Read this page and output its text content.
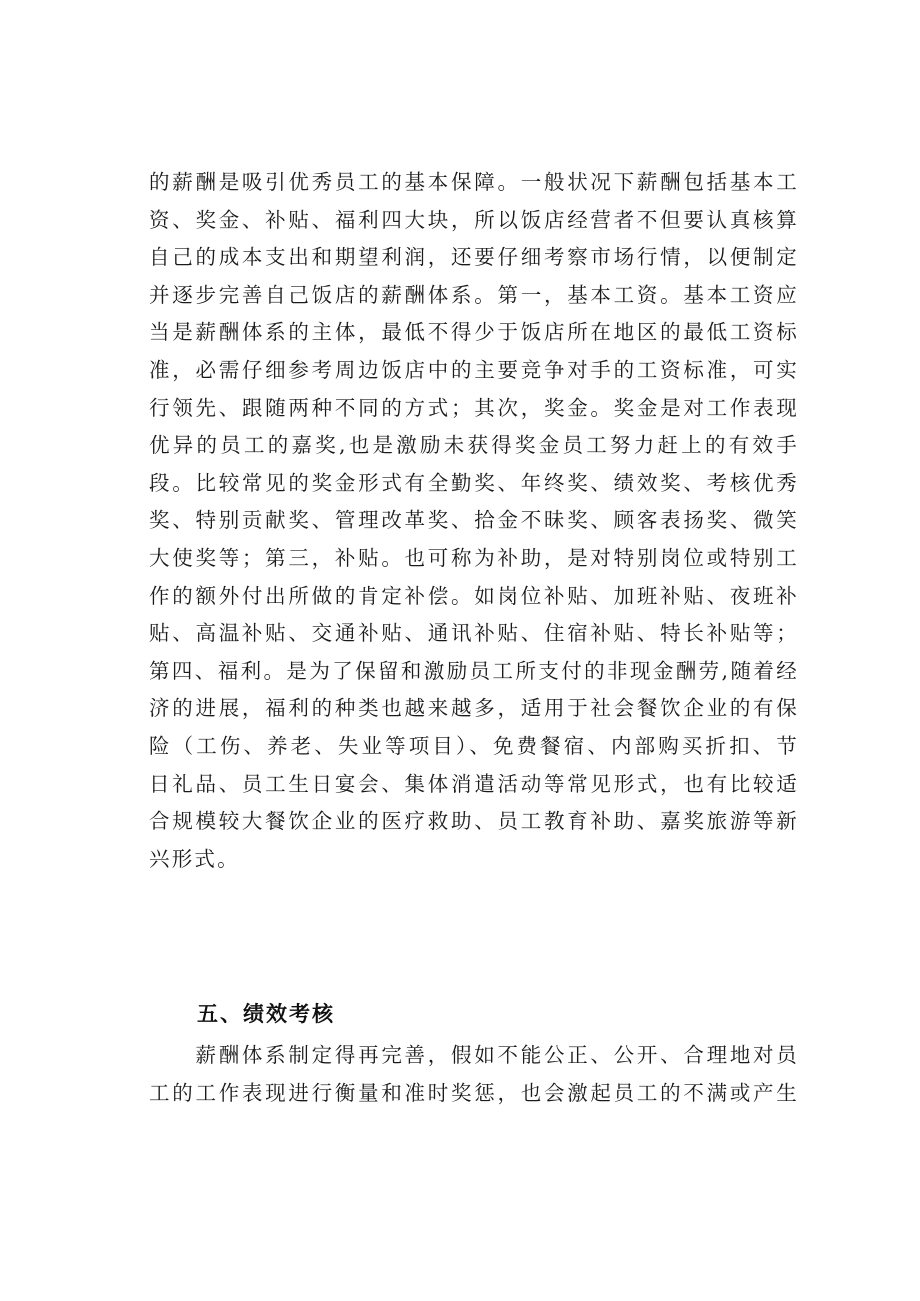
的薪酬是吸引优秀员工的基本保障。一般状况下薪酬包括基本工
资、奖金、补贴、福利四大块，所以饭店经营者不但要认真核算
自己的成本支出和期望利润，还要仔细考察市场行情，以便制定
并逐步完善自己饭店的薪酬体系。第一，基本工资。基本工资应
当是薪酬体系的主体，最低不得少于饭店所在地区的最低工资标
准，必需仔细参考周边饭店中的主要竞争对手的工资标准，可实
行领先、跟随两种不同的方式；其次，奖金。奖金是对工作表现
优异的员工的嘉奖,也是激励未获得奖金员工努力赶上的有效手
段。比较常见的奖金形式有全勤奖、年终奖、绩效奖、考核优秀
奖、特别贡献奖、管理改革奖、拾金不昧奖、顾客表扬奖、微笑
大使奖等；第三，补贴。也可称为补助，是对特别岗位或特别工
作的额外付出所做的肯定补偿。如岗位补贴、加班补贴、夜班补
贴、高温补贴、交通补贴、通讯补贴、住宿补贴、特长补贴等；
第四、福利。是为了保留和激励员工所支付的非现金酬劳,随着经
济的进展，福利的种类也越来越多，适用于社会餐饮企业的有保
险（工伤、养老、失业等项目）、免费餐宿、内部购买折扣、节
日礼品、员工生日宴会、集体消遣活动等常见形式，也有比较适
合规模较大餐饮企业的医疗救助、员工教育补助、嘉奖旅游等新
兴形式。
五、绩效考核
　　薪酬体系制定得再完善，假如不能公正、公开、合理地对员
工的工作表现进行衡量和准时奖惩，也会激起员工的不满或产生
